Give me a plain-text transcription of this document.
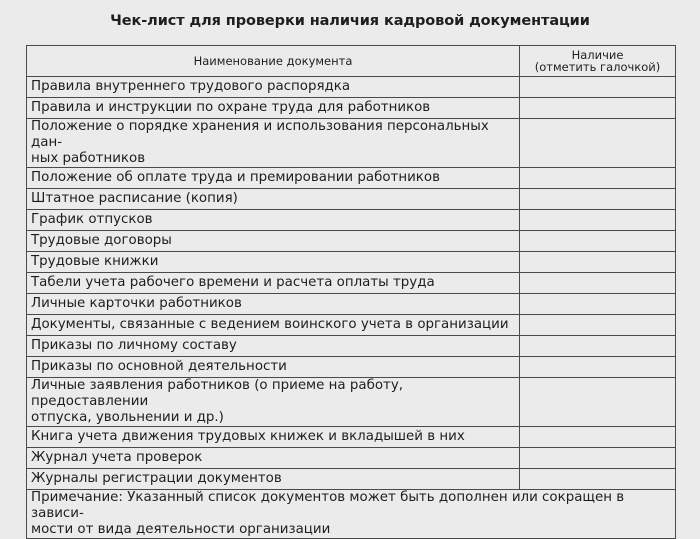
Чек-лист для проверки наличия кадровой документации
Наименование документа	Наличие
(отметить галочкой)

Правила внутреннего трудового распорядка	
Правила и инструкции по охране труда для работников	

Положение о порядке хранения и использования персональных дан-
ных работников	

Положение об оплате труда и премировании работников	
Штатное расписание (копия)	
График отпусков	
Трудовые договоры	
Трудовые книжки	
Табели учета рабочего времени и расчета оплаты труда	
Личные карточки работников	
Документы, связанные с ведением воинского учета в организации	
Приказы по личному составу	
Приказы по основной деятельности	

Личные заявления работников (о приеме на работу, предоставлении
отпуска, увольнении и др.)	

Книга учета движения трудовых книжек и вкладышей в них	
Журнал учета проверок	
Журналы регистрации документов	

Примечание: Указанный список документов может быть дополнен или сокращен в зависи-
мости от вида деятельности организации	
